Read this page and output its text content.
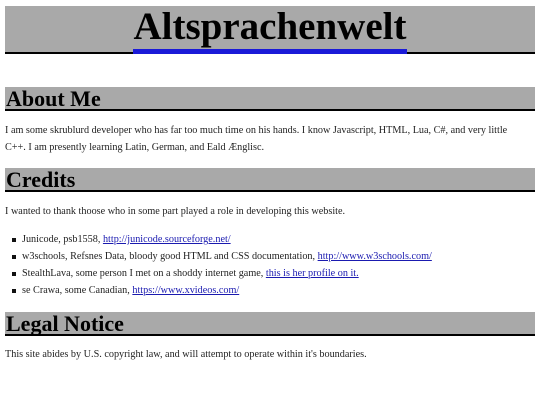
Altsprachenwelt
About Me
I am some skrublurd developer who has far too much time on his hands. I know Javascript, HTML, Lua, C#, and very little C++. I am presently learning Latin, German, and Eald Ænglisc.
Credits
I wanted to thank thoose who in some part played a role in developing this website.
Junicode, psb1558, http://junicode.sourceforge.net/
w3schools, Refsnes Data, bloody good HTML and CSS documentation, http://www.w3schools.com/
StealthLava, some person I met on a shoddy internet game, this is her profile on it.
se Crawa, some Canadian, https://www.xvideos.com/
Legal Notice
This site abides by U.S. copyright law, and will attempt to operate within it's boundaries.
